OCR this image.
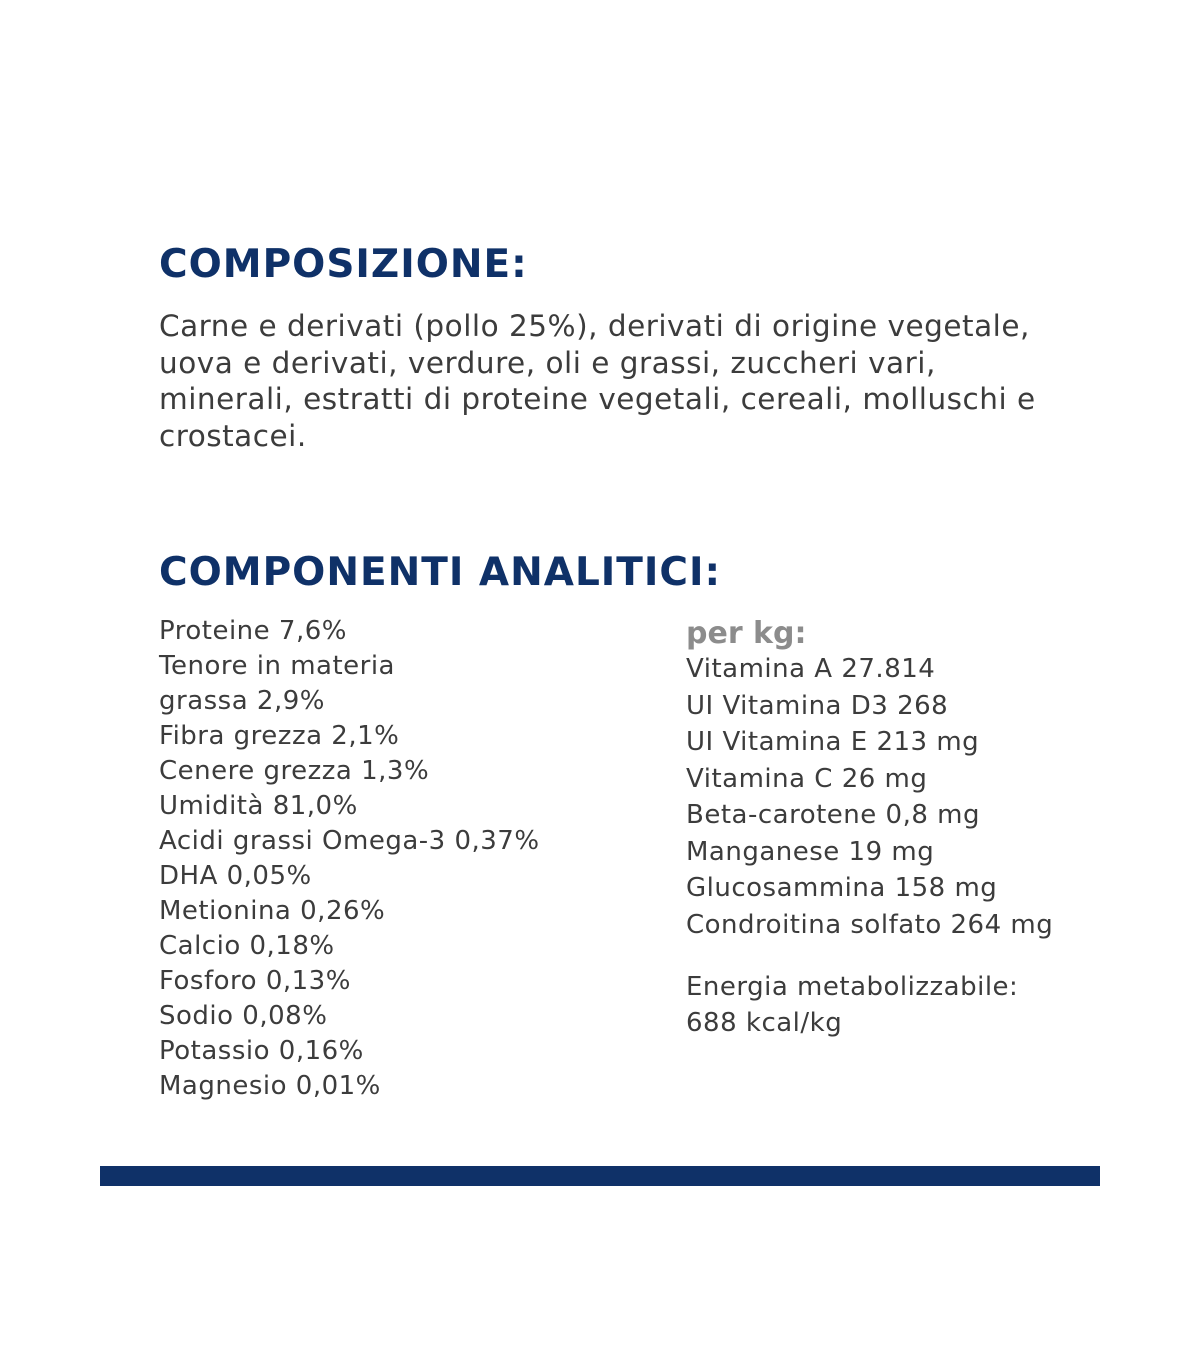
COMPOSIZIONE:

Carne e derivati (pollo 25%), derivati di origine vegetale, uova e derivati, verdure, oli e grassi, zuccheri vari, minerali, estratti di proteine vegetali, cereali, molluschi e crostacei.

COMPONENTI ANALITICI:
Proteine 7,6%
Tenore in materia
grassa 2,9%
Fibra grezza 2,1%
Cenere grezza 1,3%
Umidità 81,0%
Acidi grassi Omega-3 0,37%
DHA 0,05%
Metionina 0,26%
Calcio 0,18%
Fosforo 0,13%
Sodio 0,08%
Potassio 0,16%
Magnesio 0,01%
per kg:
Vitamina A 27.814
UI Vitamina D3 268
UI Vitamina E 213 mg
Vitamina C 26 mg
Beta-carotene 0,8 mg
Manganese 19 mg
Glucosammina 158 mg
Condroitina solfato 264 mg
Energia metabolizzabile:
688 kcal/kg
